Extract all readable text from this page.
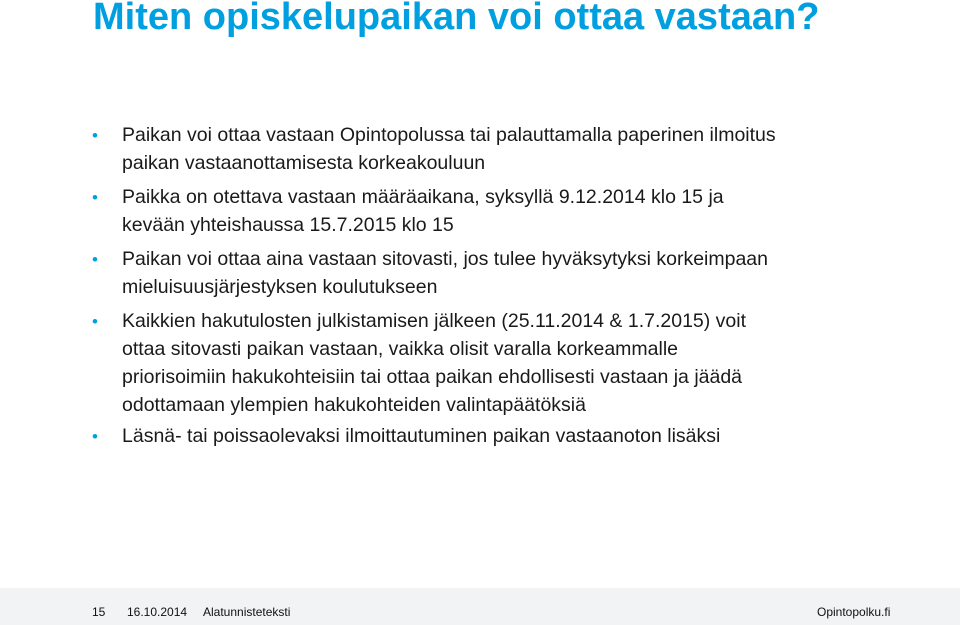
Miten opiskelupaikan voi ottaa vastaan?
•	Paikan voi ottaa vastaan Opintopolussa tai palauttamalla paperinen ilmoitus
paikan vastaanottamisesta korkeakouluun
•	Paikka on otettava vastaan määräaikana, syksyllä 9.12.2014 klo 15 ja
kevään yhteishaussa 15.7.2015 klo 15
•	Paikan voi ottaa aina vastaan sitovasti, jos tulee hyväksytyksi korkeimpaan
mieluisuusjärjestyksen koulutukseen
•	Kaikkien hakutulosten julkistamisen jälkeen (25.11.2014 & 1.7.2015) voit
ottaa sitovasti paikan vastaan, vaikka olisit varalla korkeammalle
priorisoimiin hakukohteisiin tai ottaa paikan ehdollisesti vastaan ja jäädä
odottamaan ylempien hakukohteiden valintapäätöksiä
•	Läsnä- tai poissaolevaksi ilmoittautuminen paikan vastaanoton lisäksi
15 16.10.2014 Alatunnisteteksti	Opintopolku.fi
